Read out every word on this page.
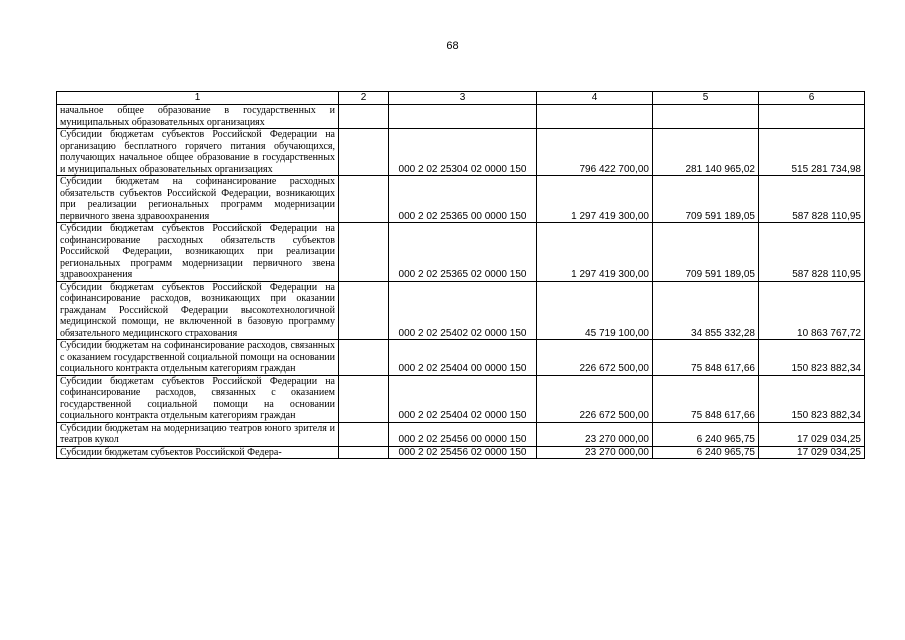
68
1	2	3	4	5	6
начальное общее образование в государственных и муниципальных образовательных организациях					
Субсидии бюджетам субъектов Российской Федерации на организацию бесплатного горячего питания обучающихся, получающих начальное общее образование в государственных и муниципальных образовательных организациях		000 2 02 25304 02 0000 150	796 422 700,00	281 140 965,02	515 281 734,98
Субсидии бюджетам на софинансирование расходных обязательств субъектов Российской Федерации, возникающих при реализации региональных программ модернизации первичного звена здравоохранения		000 2 02 25365 00 0000 150	1 297 419 300,00	709 591 189,05	587 828 110,95
Субсидии бюджетам субъектов Российской Федерации на софинансирование расходных обязательств субъектов Российской Федерации, возникающих при реализации региональных программ модернизации первичного звена здравоохранения		000 2 02 25365 02 0000 150	1 297 419 300,00	709 591 189,05	587 828 110,95
Субсидии бюджетам субъектов Российской Федерации на софинансирование расходов, возникающих при оказании гражданам Российской Федерации высокотехнологичной медицинской помощи, не включенной в базовую программу обязательного медицинского страхования		000 2 02 25402 02 0000 150	45 719 100,00	34 855 332,28	10 863 767,72
Субсидии бюджетам на софинансирование расходов, связанных с оказанием государственной социальной помощи на основании социального контракта отдельным категориям граждан		000 2 02 25404 00 0000 150	226 672 500,00	75 848 617,66	150 823 882,34
Субсидии бюджетам субъектов Российской Федерации на софинансирование расходов, связанных с оказанием государственной социальной помощи на основании социального контракта отдельным категориям граждан		000 2 02 25404 02 0000 150	226 672 500,00	75 848 617,66	150 823 882,34
Субсидии бюджетам на модернизацию театров юного зрителя и театров кукол		000 2 02 25456 00 0000 150	23 270 000,00	6 240 965,75	17 029 034,25
Субсидии бюджетам субъектов Российской Федера-		000 2 02 25456 02 0000 150	23 270 000,00	6 240 965,75	17 029 034,25
